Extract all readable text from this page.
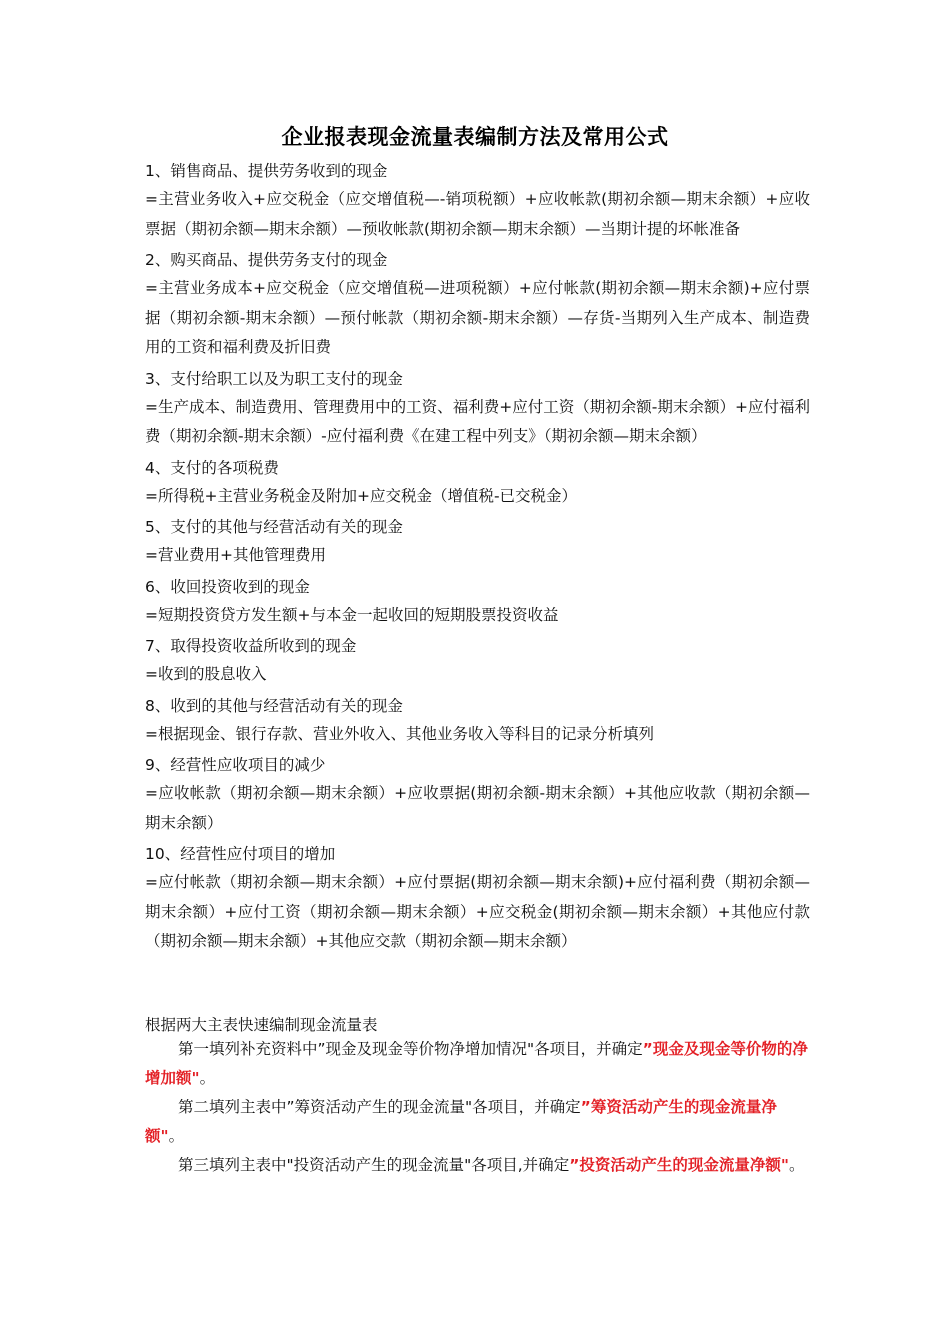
企业报表现金流量表编制方法及常用公式
1、销售商品、提供劳务收到的现金
=主营业务收入+应交税金（应交增值税—-销项税额）+应收帐款(期初余额—期末余额）+应收票据（期初余额—期末余额）—预收帐款(期初余额—期末余额）—当期计提的坏帐准备
2、购买商品、提供劳务支付的现金
=主营业务成本+应交税金（应交增值税—进项税额）+应付帐款(期初余额—期末余额)+应付票据（期初余额-期末余额）—预付帐款（期初余额-期末余额）—存货-当期列入生产成本、制造费用的工资和福利费及折旧费
3、支付给职工以及为职工支付的现金
=生产成本、制造费用、管理费用中的工资、福利费+应付工资（期初余额-期末余额）+应付福利费（期初余额-期末余额）-应付福利费《在建工程中列支》（期初余额—期末余额）
4、支付的各项税费
=所得税+主营业务税金及附加+应交税金（增值税-已交税金）
5、支付的其他与经营活动有关的现金
=营业费用+其他管理费用
6、收回投资收到的现金
=短期投资贷方发生额+与本金一起收回的短期股票投资收益
7、取得投资收益所收到的现金
=收到的股息收入
8、收到的其他与经营活动有关的现金
=根据现金、银行存款、营业外收入、其他业务收入等科目的记录分析填列
9、经营性应收项目的减少
=应收帐款（期初余额—期末余额）+应收票据(期初余额-期末余额）+其他应收款（期初余额—期末余额）
10、经营性应付项目的增加
=应付帐款（期初余额—期末余额）+应付票据(期初余额—期末余额)+应付福利费（期初余额—期末余额）+应付工资（期初余额—期末余额）+应交税金(期初余额—期末余额）+其他应付款（期初余额—期末余额）+其他应交款（期初余额—期末余额）
根据两大主表快速编制现金流量表
第一填列补充资料中”现金及现金等价物净增加情况"各项目，并确定”现金及现金等价物的净增加额"。
第二填列主表中”筹资活动产生的现金流量"各项目，并确定”筹资活动产生的现金流量净额"。
第三填列主表中"投资活动产生的现金流量"各项目,并确定”投资活动产生的现金流量净额"。
